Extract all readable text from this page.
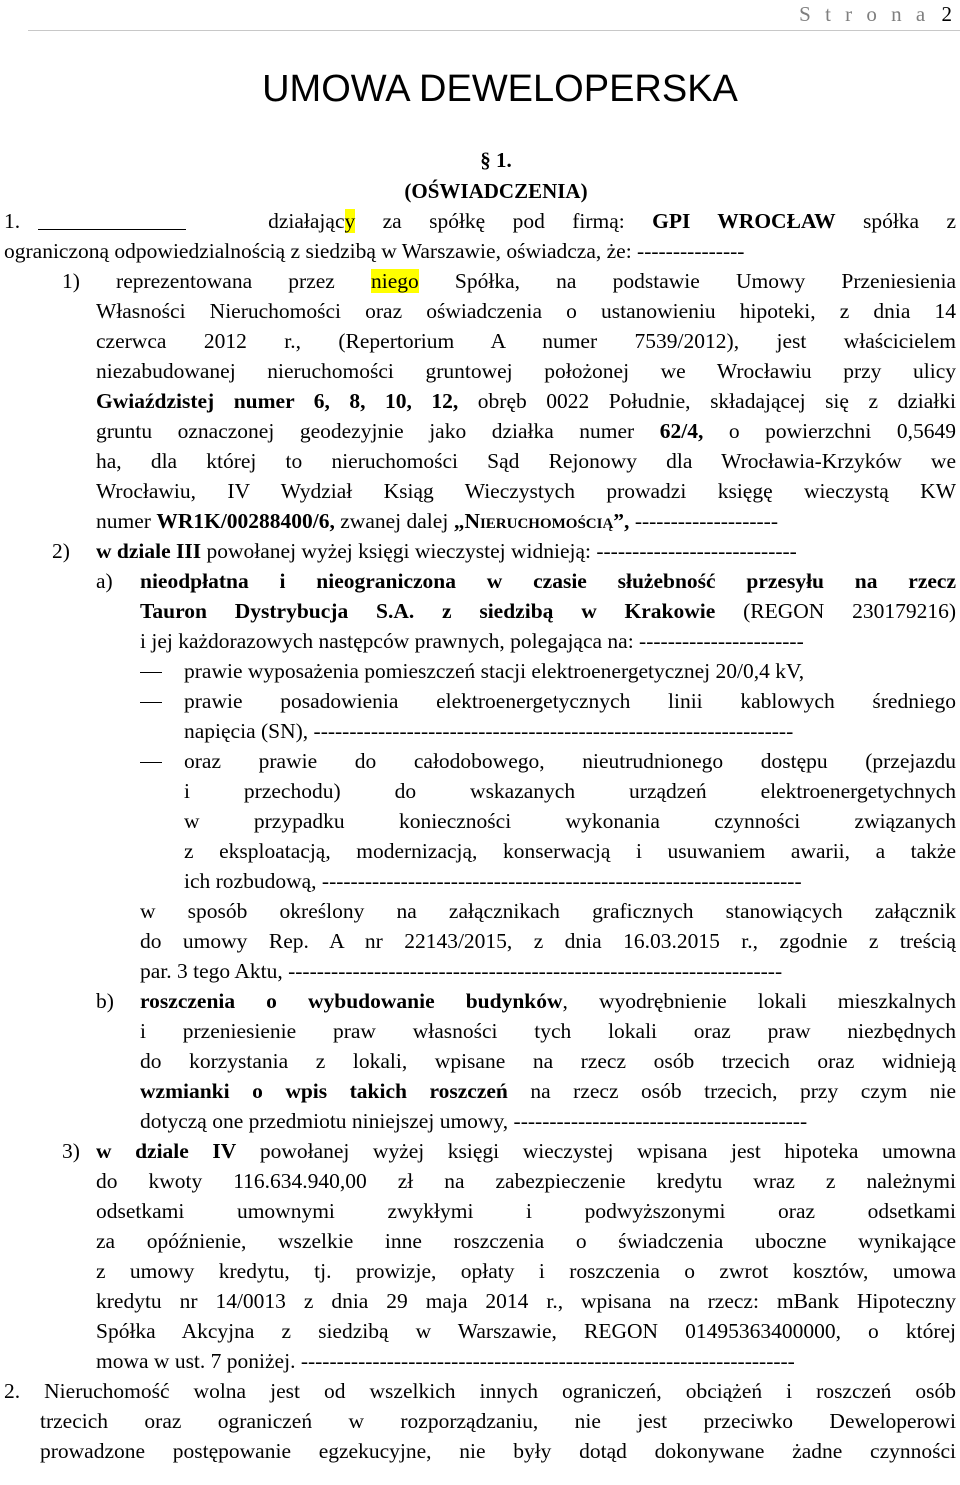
S t r o n a 2
UMOWA DEWELOPERSKA
§ 1.
(OŚWIADCZENIA)
1.	działający za spółkę pod firmą: GPI WROCŁAW spółka z
ograniczoną odpowiedzialnością z siedzibą w Warszawie, oświadcza, że: ---------------
1) reprezentowana przez niego Spółka, na podstawie Umowy Przeniesienia
Własności Nieruchomości oraz oświadczenia o ustanowieniu hipoteki, z dnia 14
czerwca 2012 r., (Repertorium A numer 7539/2012), jest właścicielem
niezabudowanej nieruchomości gruntowej położonej we Wrocławiu przy ulicy
Gwiaździstej numer 6, 8, 10, 12, obręb 0022 Południe, składającej się z działki
gruntu oznaczonej geodezyjnie jako działka numer 62/4, o powierzchni 0,5649
ha, dla której to nieruchomości Sąd Rejonowy dla Wrocławia-Krzyków we
Wrocławiu, IV Wydział Ksiąg Wieczystych prowadzi księgę wieczystą KW
numer WR1K/00288400/6, zwanej dalej „Nieruchomością”, --------------------
2) w dziale III powołanej wyżej księgi wieczystej widnieją: ----------------------------
a) nieodpłatna i nieograniczona w czasie służebność przesyłu na rzecz
Tauron Dystrybucja S.A. z siedzibą w Krakowie (REGON 230179216)
i jej każdorazowych następców prawnych, polegająca na: -----------------------
prawie wyposażenia pomieszczeń stacji elektroenergetycznej 20/0,4 kV,
prawie posadowienia elektroenergetycznych linii kablowych średniego
napięcia (SN), -------------------------------------------------------------------
oraz prawie do całodobowego, nieutrudnionego dostępu (przejazdu
i przechodu) do wskazanych urządzeń elektroenergetychnych
w przypadku konieczności wykonania czynności związanych
z eksploatacją, modernizacją, konserwacją i usuwaniem awarii, a także
ich rozbudową, -------------------------------------------------------------------
w sposób określony na załącznikach graficznych stanowiących załącznik
do umowy Rep. A nr 22143/2015, z dnia 16.03.2015 r., zgodnie z treścią
par. 3 tego Aktu, ---------------------------------------------------------------------
b) roszczenia o wybudowanie budynków, wyodrębnienie lokali mieszkalnych
i przeniesienie praw własności tych lokali oraz praw niezbędnych
do korzystania z lokali, wpisane na rzecz osób trzecich oraz widnieją
wzmianki o wpis takich roszczeń na rzecz osób trzecich, przy czym nie
dotyczą one przedmiotu niniejszej umowy, -----------------------------------------
3) w dziale IV powołanej wyżej księgi wieczystej wpisana jest hipoteka umowna
do kwoty 116.634.940,00 zł na zabezpieczenie kredytu wraz z należnymi
odsetkami umownymi zwykłymi i podwyższonymi oraz odsetkami
za opóźnienie, wszelkie inne roszczenia o świadczenia uboczne wynikające
z umowy kredytu, tj. prowizje, opłaty i roszczenia o zwrot kosztów, umowa
kredytu nr 14/0013 z dnia 29 maja 2014 r., wpisana na rzecz: mBank Hipoteczny
Spółka Akcyjna z siedzibą w Warszawie, REGON 01495363400000, o której
mowa w ust. 7 poniżej. ---------------------------------------------------------------------
2. Nieruchomość wolna jest od wszelkich innych ograniczeń, obciążeń i roszczeń osób
trzecich oraz ograniczeń w rozporządzaniu, nie jest przeciwko Deweloperowi
prowadzone postępowanie egzekucyjne, nie były dotąd dokonywane żadne czynności
